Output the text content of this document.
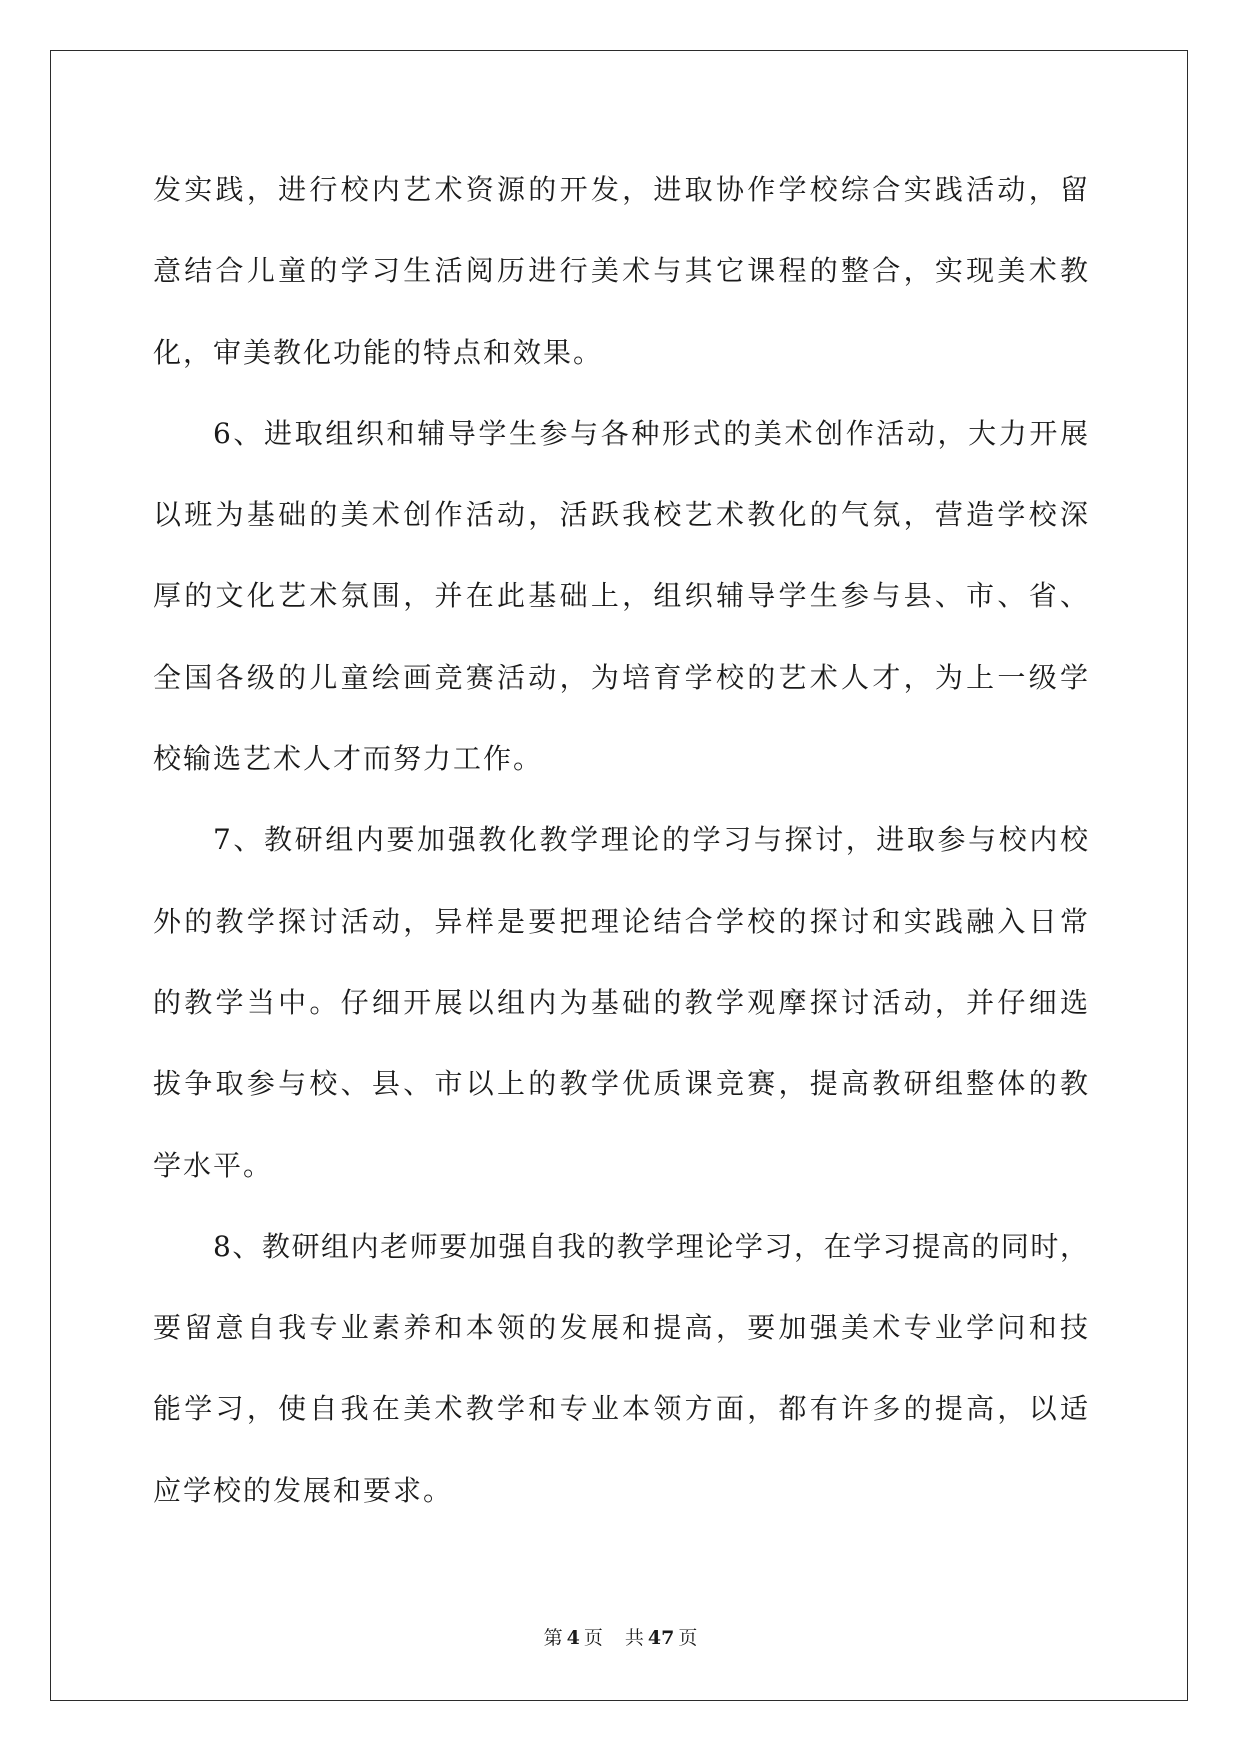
发实践，进行校内艺术资源的开发，进取协作学校综合实践活动，留
意结合儿童的学习生活阅历进行美术与其它课程的整合，实现美术教
化，审美教化功能的特点和效果。
6、进取组织和辅导学生参与各种形式的美术创作活动，大力开展
以班为基础的美术创作活动，活跃我校艺术教化的气氛，营造学校深
厚的文化艺术氛围，并在此基础上，组织辅导学生参与县、市、省、
全国各级的儿童绘画竞赛活动，为培育学校的艺术人才，为上一级学
校输选艺术人才而努力工作。
7、教研组内要加强教化教学理论的学习与探讨，进取参与校内校
外的教学探讨活动，异样是要把理论结合学校的探讨和实践融入日常
的教学当中。仔细开展以组内为基础的教学观摩探讨活动，并仔细选
拔争取参与校、县、市以上的教学优质课竞赛，提高教研组整体的教
学水平。
8、教研组内老师要加强自我的教学理论学习，在学习提高的同时，
要留意自我专业素养和本领的发展和提高，要加强美术专业学问和技
能学习，使自我在美术教学和专业本领方面，都有许多的提高，以适
应学校的发展和要求。
第 4 页 共 47 页
